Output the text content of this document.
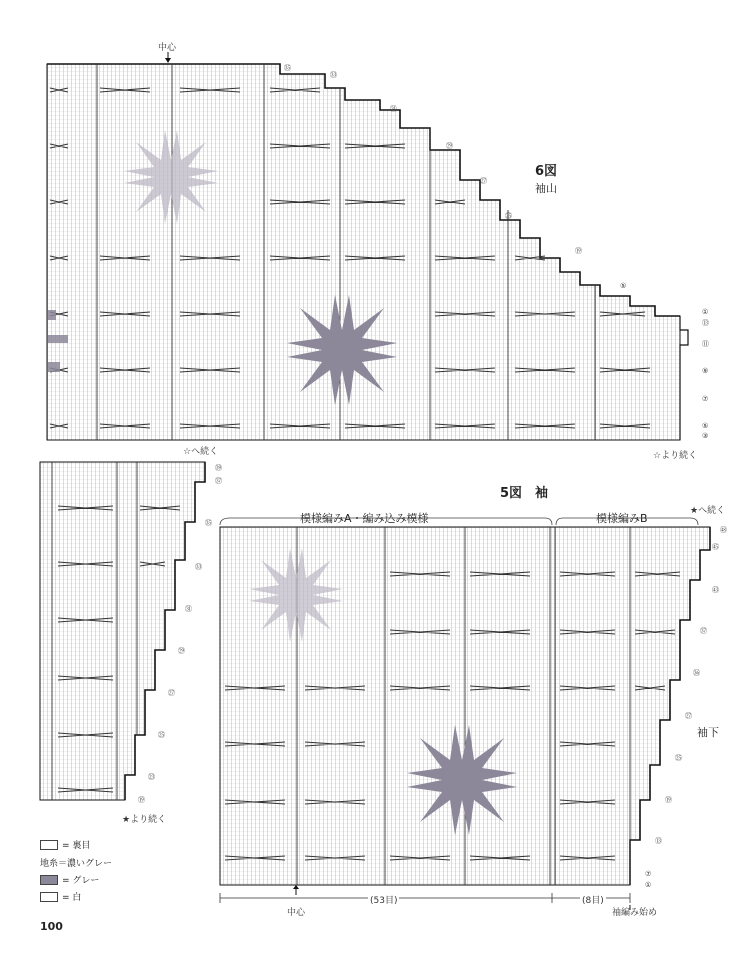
中心
㉟
㉝
㉛
㉙
㉗
㉕
⑲
⑤
①
⑬
⑪
⑨
⑦
⑤
③
6図
袖山
☆へ続く	☆より続く
㊴
㊲
㉟
㉝
㉛
㉙
㉗
㉕
㉓
⑲
★より続く
5図　袖
模様編みA・編み込み模様	模様編みB
★へ続く
袖下
㊽
㊺
㊸
㊲
㊱
㉗
㉕
⑲
⑬
⑦
①
中心
(53目)	(8目)
袖編み始め
= 裏目
地糸＝濃いグレー
= グレー
= 白
100
